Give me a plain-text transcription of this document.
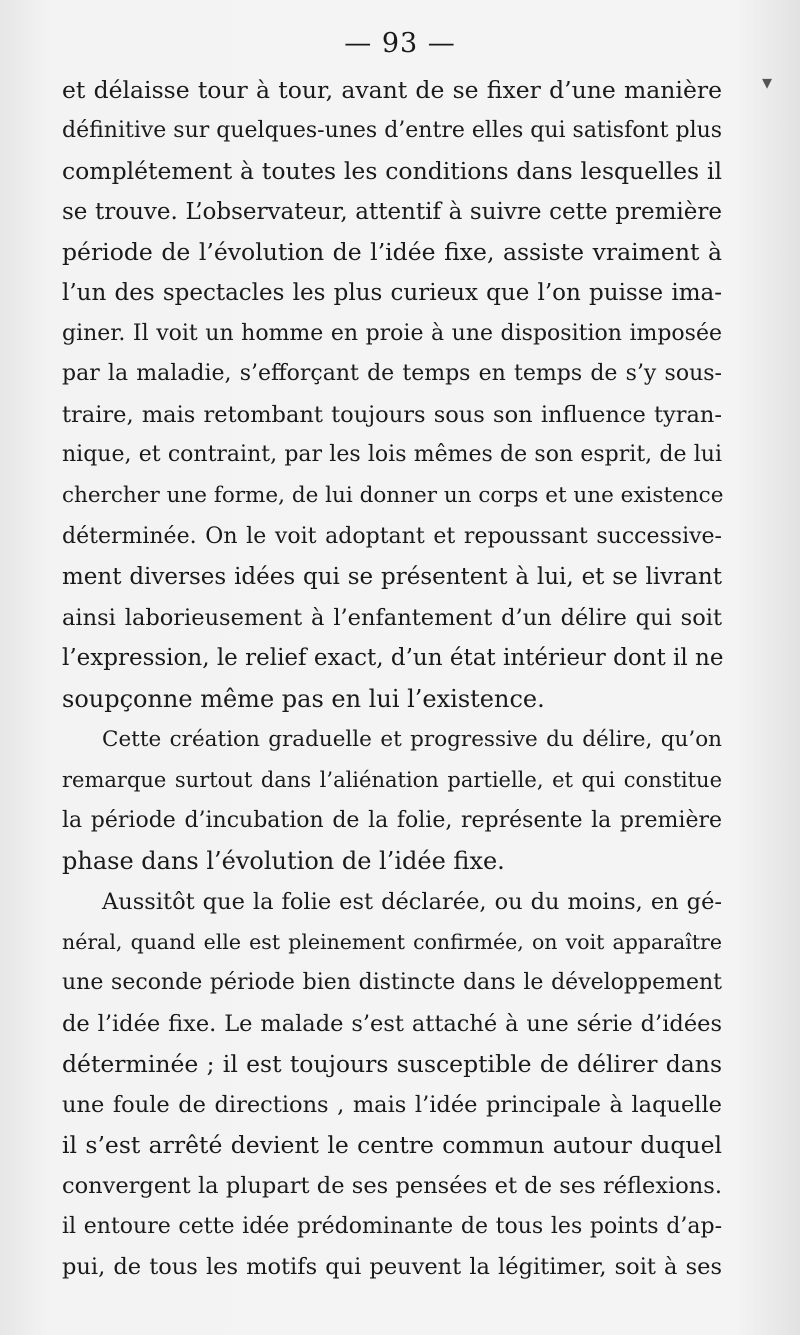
— 93 —
▾
et délaisse tour à tour, avant de se fixer d’une manière
définitive sur quelques-unes d’entre elles qui satisfont plus
complétement à toutes les conditions dans lesquelles il
se trouve. L’observateur, attentif à suivre cette première
période de l’évolution de l’idée fixe, assiste vraiment à
l’un des spectacles les plus curieux que l’on puisse ima-
giner. Il voit un homme en proie à une disposition imposée
par la maladie, s’efforçant de temps en temps de s’y sous-
traire, mais retombant toujours sous son influence tyran-
nique, et contraint, par les lois mêmes de son esprit, de lui
chercher une forme, de lui donner un corps et une existence
déterminée. On le voit adoptant et repoussant successive-
ment diverses idées qui se présentent à lui, et se livrant
ainsi laborieusement à l’enfantement d’un délire qui soit
l’expression, le relief exact, d’un état intérieur dont il ne
soupçonne même pas en lui l’existence.
Cette création graduelle et progressive du délire, qu’on
remarque surtout dans l’aliénation partielle, et qui constitue
la période d’incubation de la folie, représente la première
phase dans l’évolution de l’idée fixe.
Aussitôt que la folie est déclarée, ou du moins, en gé-
néral, quand elle est pleinement confirmée, on voit apparaître
une seconde période bien distincte dans le développement
de l’idée fixe. Le malade s’est attaché à une série d’idées
déterminée ; il est toujours susceptible de délirer dans
une foule de directions , mais l’idée principale à laquelle
il s’est arrêté devient le centre commun autour duquel
convergent la plupart de ses pensées et de ses réflexions.
il entoure cette idée prédominante de tous les points d’ap-
pui, de tous les motifs qui peuvent la légitimer, soit à ses
